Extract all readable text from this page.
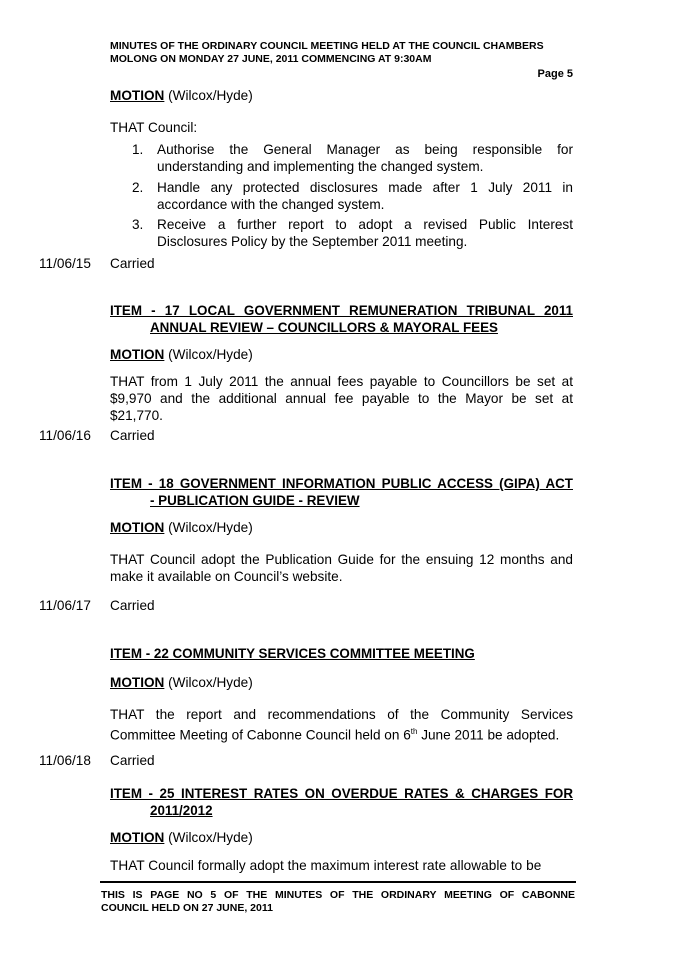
MINUTES OF THE ORDINARY COUNCIL MEETING HELD AT THE COUNCIL CHAMBERS
MOLONG ON MONDAY 27 JUNE, 2011 COMMENCING AT 9:30AM
Page 5
MOTION (Wilcox/Hyde)
THAT Council:
1. Authorise the General Manager as being responsible for understanding and implementing the changed system.
2. Handle any protected disclosures made after 1 July 2011 in accordance with the changed system.
3. Receive a further report to adopt a revised Public Interest Disclosures Policy by the September 2011 meeting.
11/06/15 Carried
ITEM - 17 LOCAL GOVERNMENT REMUNERATION TRIBUNAL 2011
ANNUAL REVIEW – COUNCILLORS & MAYORAL FEES
MOTION (Wilcox/Hyde)
THAT from 1 July 2011 the annual fees payable to Councillors be set at $9,970 and the additional annual fee payable to the Mayor be set at $21,770.
11/06/16 Carried
ITEM - 18 GOVERNMENT INFORMATION PUBLIC ACCESS (GIPA) ACT
- PUBLICATION GUIDE - REVIEW
MOTION (Wilcox/Hyde)
THAT Council adopt the Publication Guide for the ensuing 12 months and make it available on Council’s website.
11/06/17 Carried
ITEM - 22 COMMUNITY SERVICES COMMITTEE MEETING
MOTION (Wilcox/Hyde)
THAT the report and recommendations of the Community Services Committee Meeting of Cabonne Council held on 6th June 2011 be adopted.
11/06/18 Carried
ITEM - 25 INTEREST RATES ON OVERDUE RATES & CHARGES FOR
2011/2012
MOTION (Wilcox/Hyde)
THAT Council formally adopt the maximum interest rate allowable to be
THIS IS PAGE NO 5 OF THE MINUTES OF THE ORDINARY MEETING OF CABONNE
COUNCIL HELD ON 27 JUNE, 2011
